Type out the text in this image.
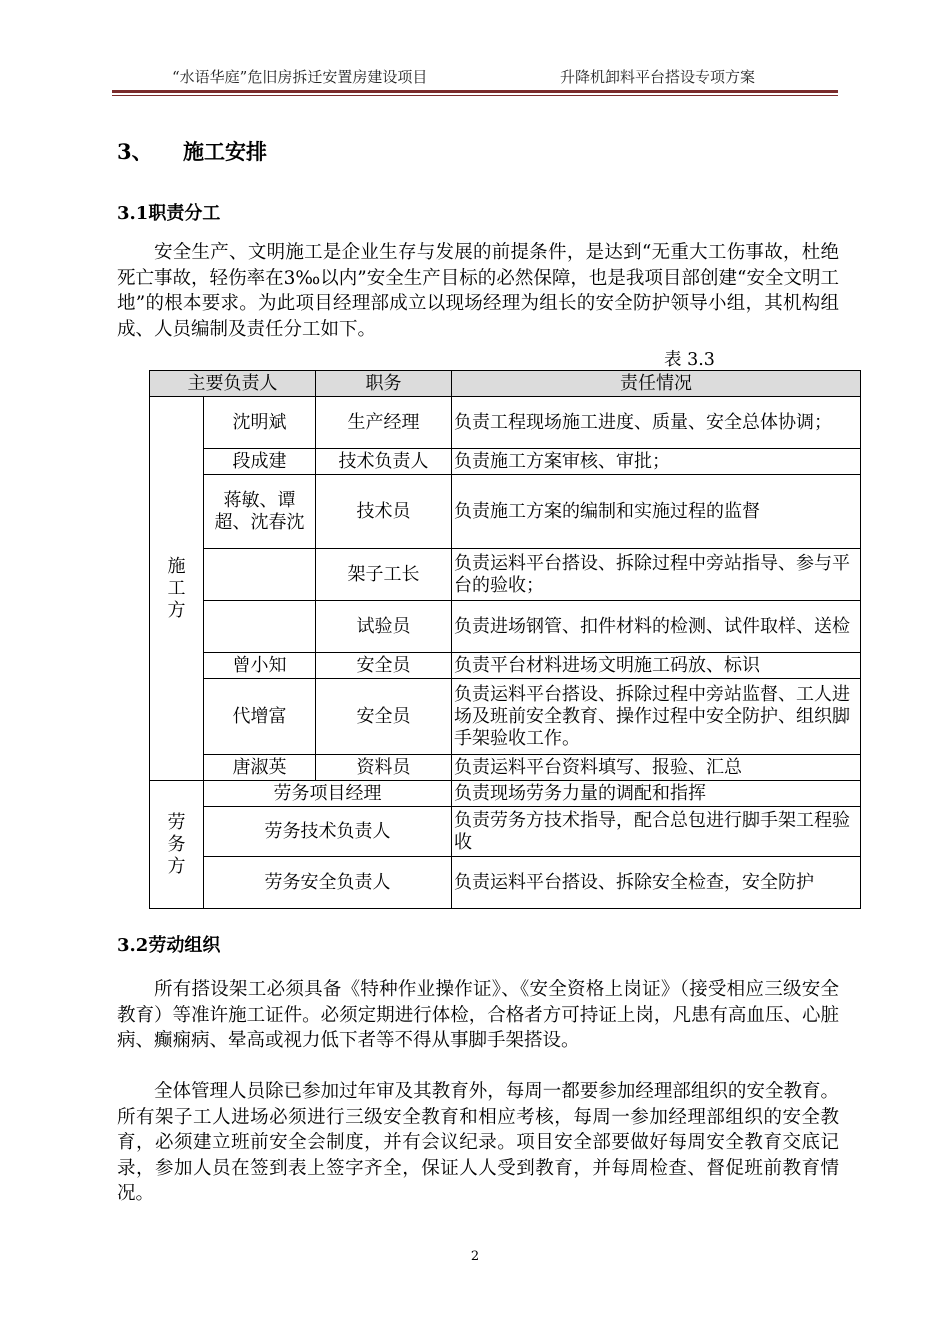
“水语华庭”危旧房拆迁安置房建设项目	升降机卸料平台搭设专项方案
3、 施工安排
3.1职责分工

安全生产、文明施工是企业生存与发展的前提条件，是达到“无重大工伤事故，杜绝死亡事故，轻伤率在3‰以内”安全生产目标的必然保障，也是我项目部创建“安全文明工地”的根本要求。为此项目经理部成立以现场经理为组长的安全防护领导小组，其机构组成、人员编制及责任分工如下。

表 3.3
主要负责人		职务	责任情况
施
工
方	沈明斌	生产经理	负责工程现场施工进度、质量、安全总体协调；
	段成建	技术负责人	负责施工方案审核、审批；
	蒋敏、谭超、沈春沈	技术员	负责施工方案的编制和实施过程的监督
		架子工长	负责运料平台搭设、拆除过程中旁站指导、参与平台的验收；
		试验员	负责进场钢管、扣件材料的检测、试件取样、送检
	曾小知	安全员	负责平台材料进场文明施工码放、标识
	代增富	安全员	负责运料平台搭设、拆除过程中旁站监督、工人进场及班前安全教育、操作过程中安全防护、组织脚手架验收工作。
	唐淑英	资料员	负责运料平台资料填写、报验、汇总
劳
务
方	劳务项目经理		负责现场劳务力量的调配和指挥
	劳务技术负责人		负责劳务方技术指导，配合总包进行脚手架工程验收
	劳务安全负责人		负责运料平台搭设、拆除安全检查，安全防护
3.2劳动组织

所有搭设架工必须具备《特种作业操作证》、《安全资格上岗证》（接受相应三级安全教育）等准许施工证件。必须定期进行体检，合格者方可持证上岗，凡患有高血压、心脏病、癫痫病、晕高或视力低下者等不得从事脚手架搭设。

全体管理人员除已参加过年审及其教育外，每周一都要参加经理部组织的安全教育。所有架子工人进场必须进行三级安全教育和相应考核，每周一参加经理部组织的安全教育，必须建立班前安全会制度，并有会议纪录。项目安全部要做好每周安全教育交底记录，参加人员在签到表上签字齐全，保证人人受到教育，并每周检查、督促班前教育情况。

2
